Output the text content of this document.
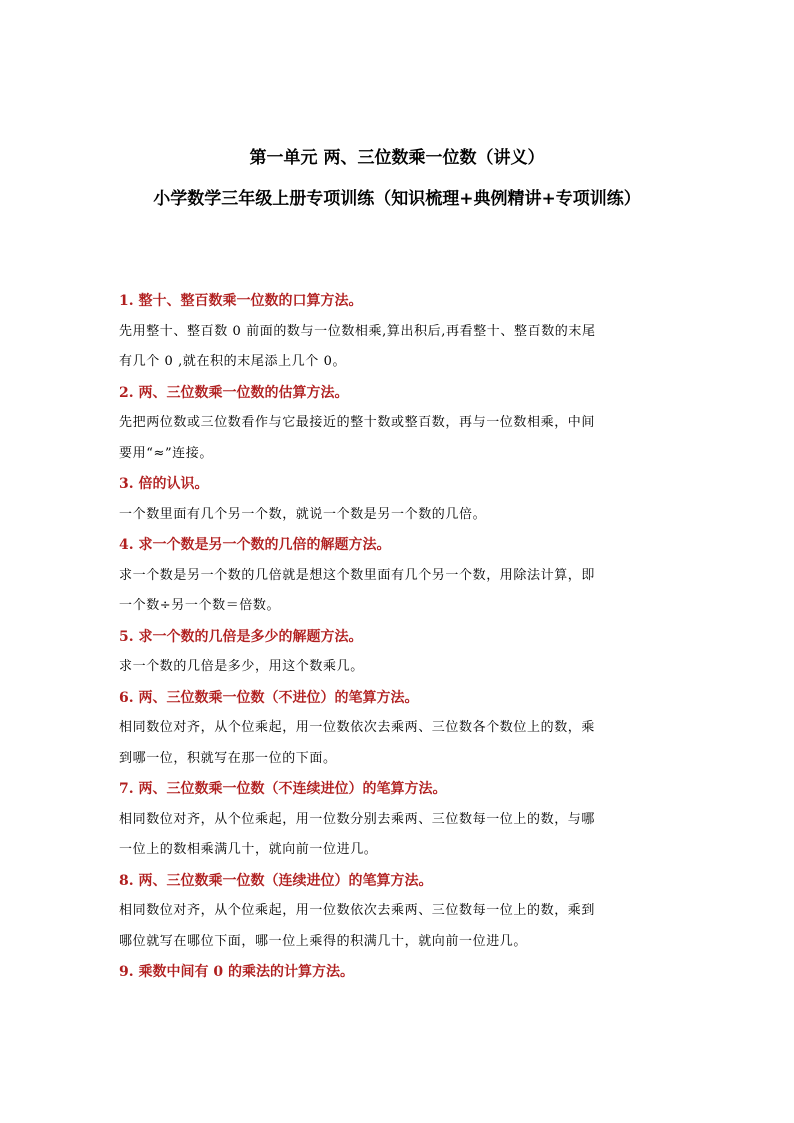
第一单元 两、三位数乘一位数（讲义）
小学数学三年级上册专项训练（知识梳理+典例精讲+专项训练）
1. 整十、整百数乘一位数的口算方法。
先用整十、整百数 0 前面的数与一位数相乘,算出积后,再看整十、整百数的末尾
有几个 0 ,就在积的末尾添上几个 0。
2. 两、三位数乘一位数的估算方法。
先把两位数或三位数看作与它最接近的整十数或整百数，再与一位数相乘，中间
要用“≈”连接。
3. 倍的认识。
一个数里面有几个另一个数，就说一个数是另一个数的几倍。
4. 求一个数是另一个数的几倍的解题方法。
求一个数是另一个数的几倍就是想这个数里面有几个另一个数，用除法计算，即
一个数÷另一个数＝倍数。
5. 求一个数的几倍是多少的解题方法。
求一个数的几倍是多少，用这个数乘几。
6. 两、三位数乘一位数（不进位）的笔算方法。
相同数位对齐，从个位乘起，用一位数依次去乘两、三位数各个数位上的数，乘
到哪一位，积就写在那一位的下面。
7. 两、三位数乘一位数（不连续进位）的笔算方法。
相同数位对齐，从个位乘起，用一位数分别去乘两、三位数每一位上的数，与哪
一位上的数相乘满几十，就向前一位进几。
8. 两、三位数乘一位数（连续进位）的笔算方法。
相同数位对齐，从个位乘起，用一位数依次去乘两、三位数每一位上的数，乘到
哪位就写在哪位下面，哪一位上乘得的积满几十，就向前一位进几。
9. 乘数中间有 0 的乘法的计算方法。
